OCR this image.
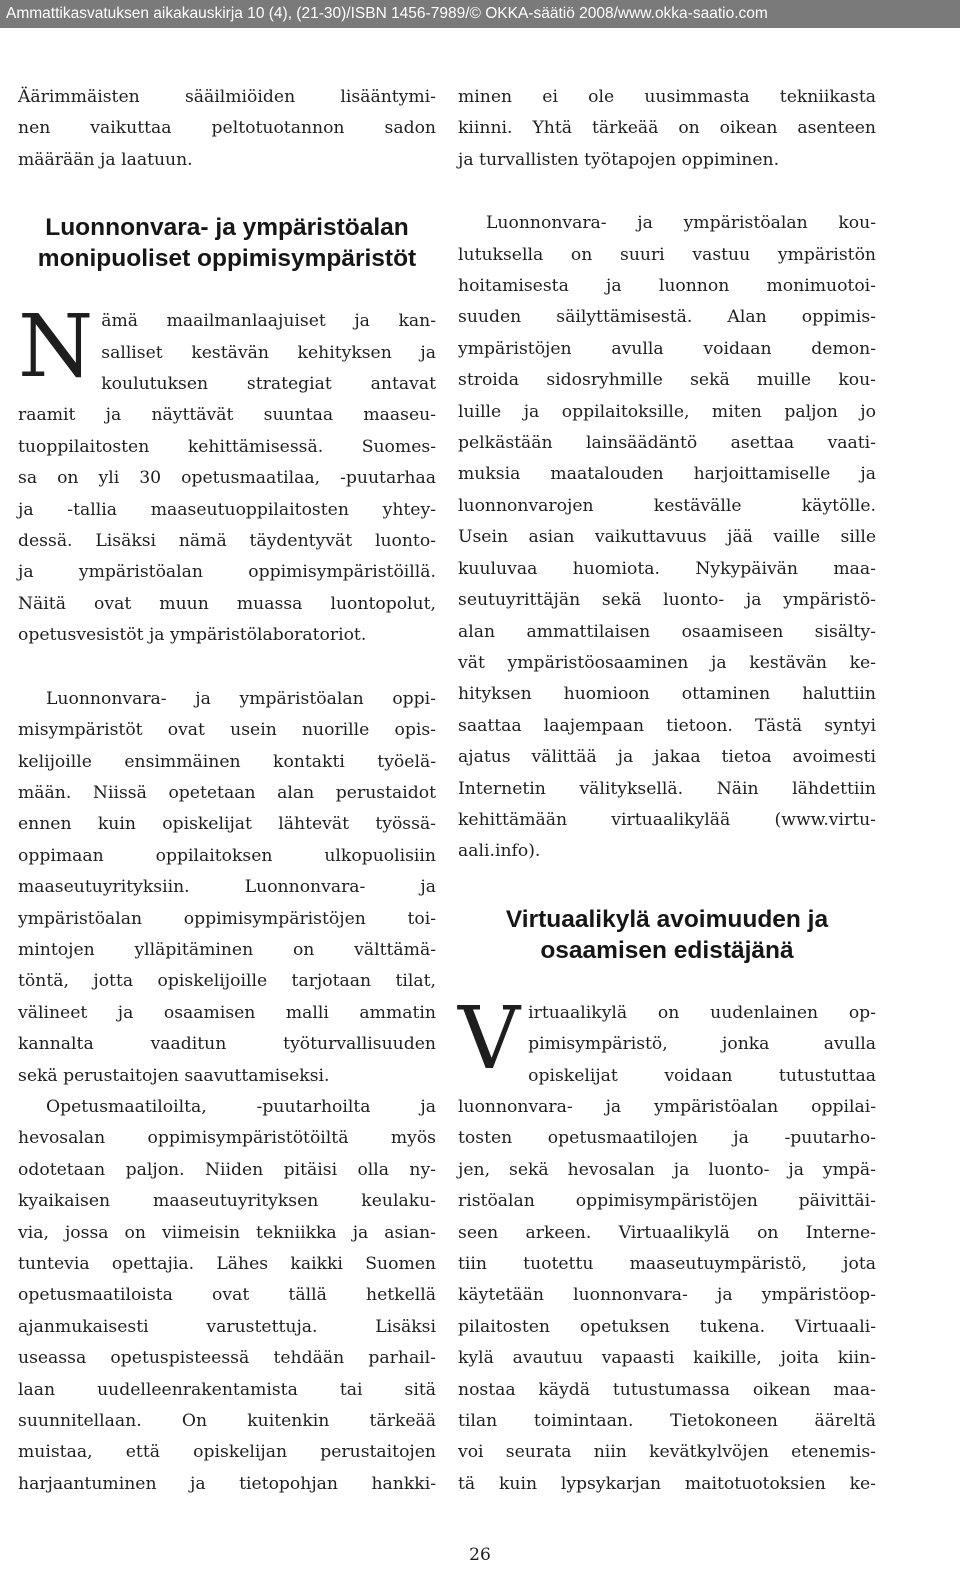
Ammattikasvatuksen aikakauskirja 10 (4), (21-30)/ISBN 1456-7989/© OKKA-säätiö 2008/www.okka-saatio.com

Äärimmäisten sääilmiöiden lisääntymi-
nen vaikuttaa peltotuotannon sadon
määrään ja laatuun.

Luonnonvara- ja ympäristöalan
monipuoliset oppimisympäristöt

N ämä maailmanlaajuiset ja kan-
salliset kestävän kehityksen ja
koulutuksen strategiat antavat
raamit ja näyttävät suuntaa maaseu-
tuoppilaitosten kehittämisessä. Suomes-
sa on yli 30 opetusmaatilaa, -puutarhaa
ja -tallia maaseutuoppilaitosten yhtey-
dessä. Lisäksi nämä täydentyvät luonto-
ja ympäristöalan oppimisympäristöillä.
Näitä ovat muun muassa luontopolut,
opetusvesistöt ja ympäristölaboratoriot.

Luonnonvara- ja ympäristöalan oppi-
misympäristöt ovat usein nuorille opis-
kelijoille ensimmäinen kontakti työelä-
mään. Niissä opetetaan alan perustaidot
ennen kuin opiskelijat lähtevät työssä-
oppimaan oppilaitoksen ulkopuolisiin
maaseutuyrityksiin. Luonnonvara- ja
ympäristöalan oppimisympäristöjen toi-
mintojen ylläpitäminen on välttämä-
töntä, jotta opiskelijoille tarjotaan tilat,
välineet ja osaamisen malli ammatin
kannalta vaaditun työturvallisuuden
sekä perustaitojen saavuttamiseksi.

Opetusmaatiloilta, -puutarhoilta ja
hevosalan oppimisympäristötöiltä myös
odotetaan paljon. Niiden pitäisi olla ny-
kyaikaisen maaseutuyrityksen keulaku-
via, jossa on viimeisin tekniikka ja asian-
tuntevia opettajia. Lähes kaikki Suomen
opetusmaatiloista ovat tällä hetkellä
ajanmukaisesti varustettuja. Lisäksi
useassa opetuspisteessä tehdään parhail-
laan uudelleenrakentamista tai sitä
suunnitellaan. On kuitenkin tärkeää
muistaa, että opiskelijan perustaitojen
harjaantuminen ja tietopohjan hankki-

minen ei ole uusimmasta tekniikasta
kiinni. Yhtä tärkeää on oikean asenteen
ja turvallisten työtapojen oppiminen.

Luonnonvara- ja ympäristöalan kou-
lutuksella on suuri vastuu ympäristön
hoitamisesta ja luonnon monimuotoi-
suuden säilyttämisestä. Alan oppimis-
ympäristöjen avulla voidaan demon-
stroida sidosryhmille sekä muille kou-
luille ja oppilaitoksille, miten paljon jo
pelkästään lainsäädäntö asettaa vaati-
muksia maatalouden harjoittamiselle ja
luonnonvarojen kestävälle käytölle.
Usein asian vaikuttavuus jää vaille sille
kuuluvaa huomiota. Nykypäivän maa-
seutuyrittäjän sekä luonto- ja ympäristö-
alan ammattilaisen osaamiseen sisälty-
vät ympäristöosaaminen ja kestävän ke-
hityksen huomioon ottaminen haluttiin
saattaa laajempaan tietoon. Tästä syntyi
ajatus välittää ja jakaa tietoa avoimesti
Internetin välityksellä. Näin lähdettiin
kehittämään virtuaalikylää (www.virtu-
aali.info).

Virtuaalikylä avoimuuden ja
osaamisen edistäjänä

V irtuaalikylä on uudenlainen op-
pimisympäristö, jonka avulla
opiskelijat voidaan tutustuttaa
luonnonvara- ja ympäristöalan oppilai-
tosten opetusmaatilojen ja -puutarho-
jen, sekä hevosalan ja luonto- ja ympä-
ristöalan oppimisympäristöjen päivittäi-
seen arkeen. Virtuaalikylä on Interne-
tiin tuotettu maaseutuympäristö, jota
käytetään luonnonvara- ja ympäristöop-
pilaitosten opetuksen tukena. Virtuaali-
kylä avautuu vapaasti kaikille, joita kiin-
nostaa käydä tutustumassa oikean maa-
tilan toimintaan. Tietokoneen ääreltä
voi seurata niin kevätkylvöjen etenemis-
tä kuin lypsykarjan maitotuotoksien ke-

26
